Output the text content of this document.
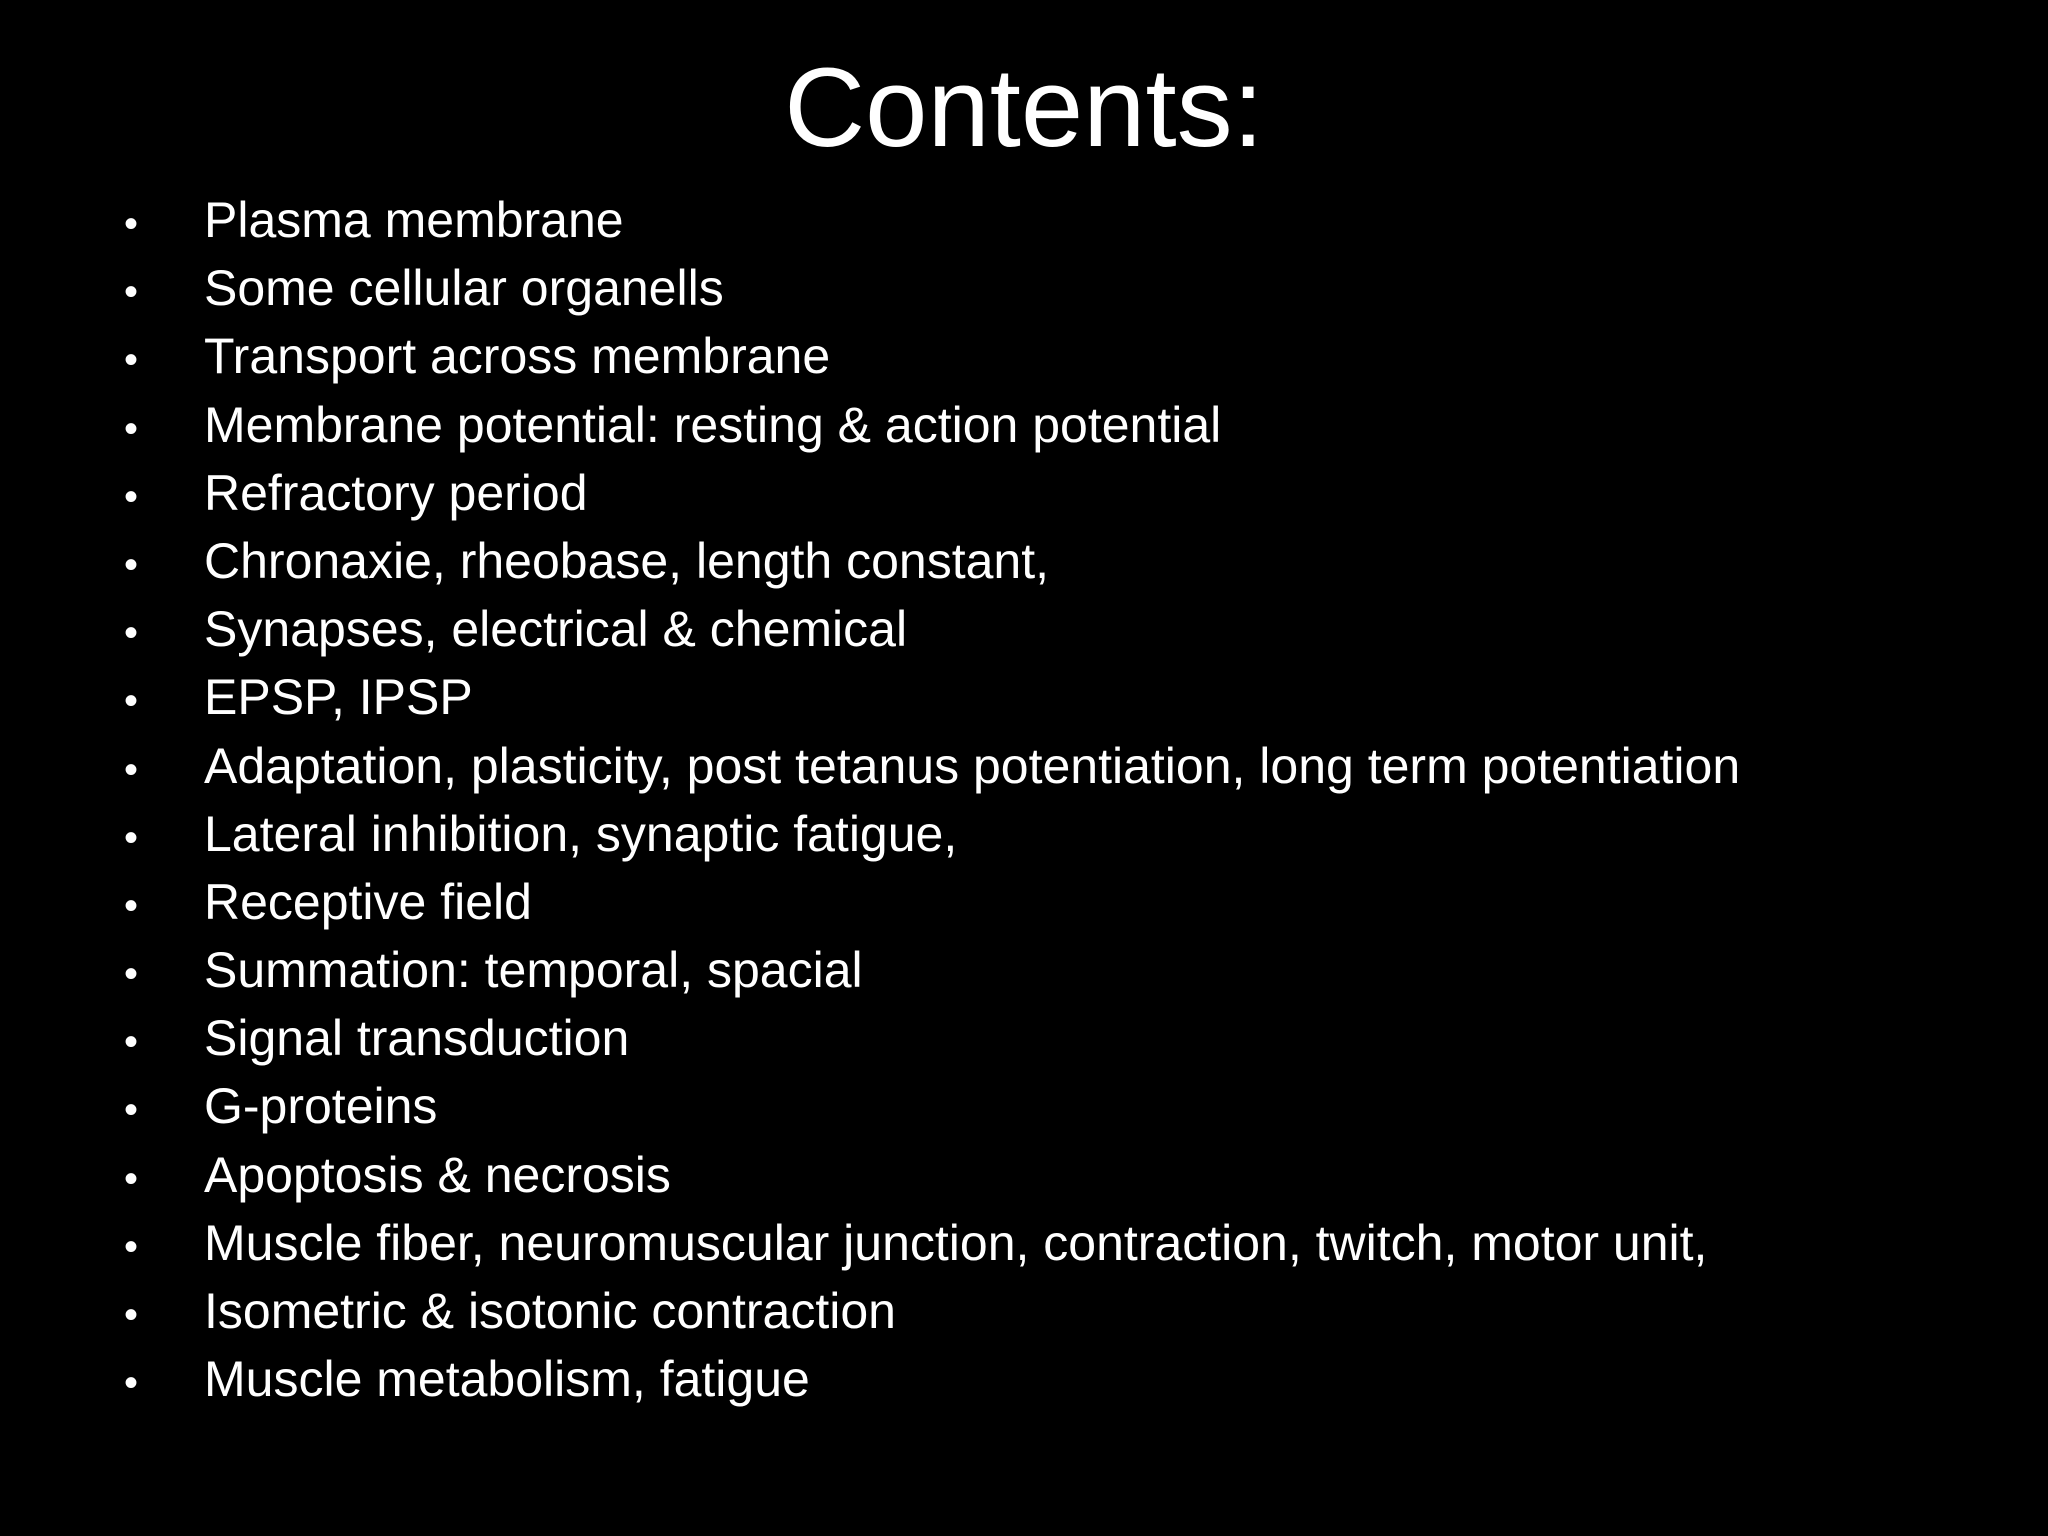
Contents:
•	Plasma membrane
•	Some cellular organells
•	Transport across membrane
•	Membrane potential: resting & action potential
•	Refractory period
•	Chronaxie, rheobase, length constant,
•	Synapses, electrical & chemical
•	EPSP, IPSP
•	Adaptation, plasticity, post tetanus potentiation, long term potentiation
•	Lateral inhibition, synaptic fatigue,
•	Receptive field
•	Summation: temporal, spacial
•	Signal transduction
•	G-proteins
•	Apoptosis & necrosis
•	Muscle fiber, neuromuscular junction, contraction, twitch, motor unit,
•	Isometric & isotonic contraction
•	Muscle metabolism, fatigue
